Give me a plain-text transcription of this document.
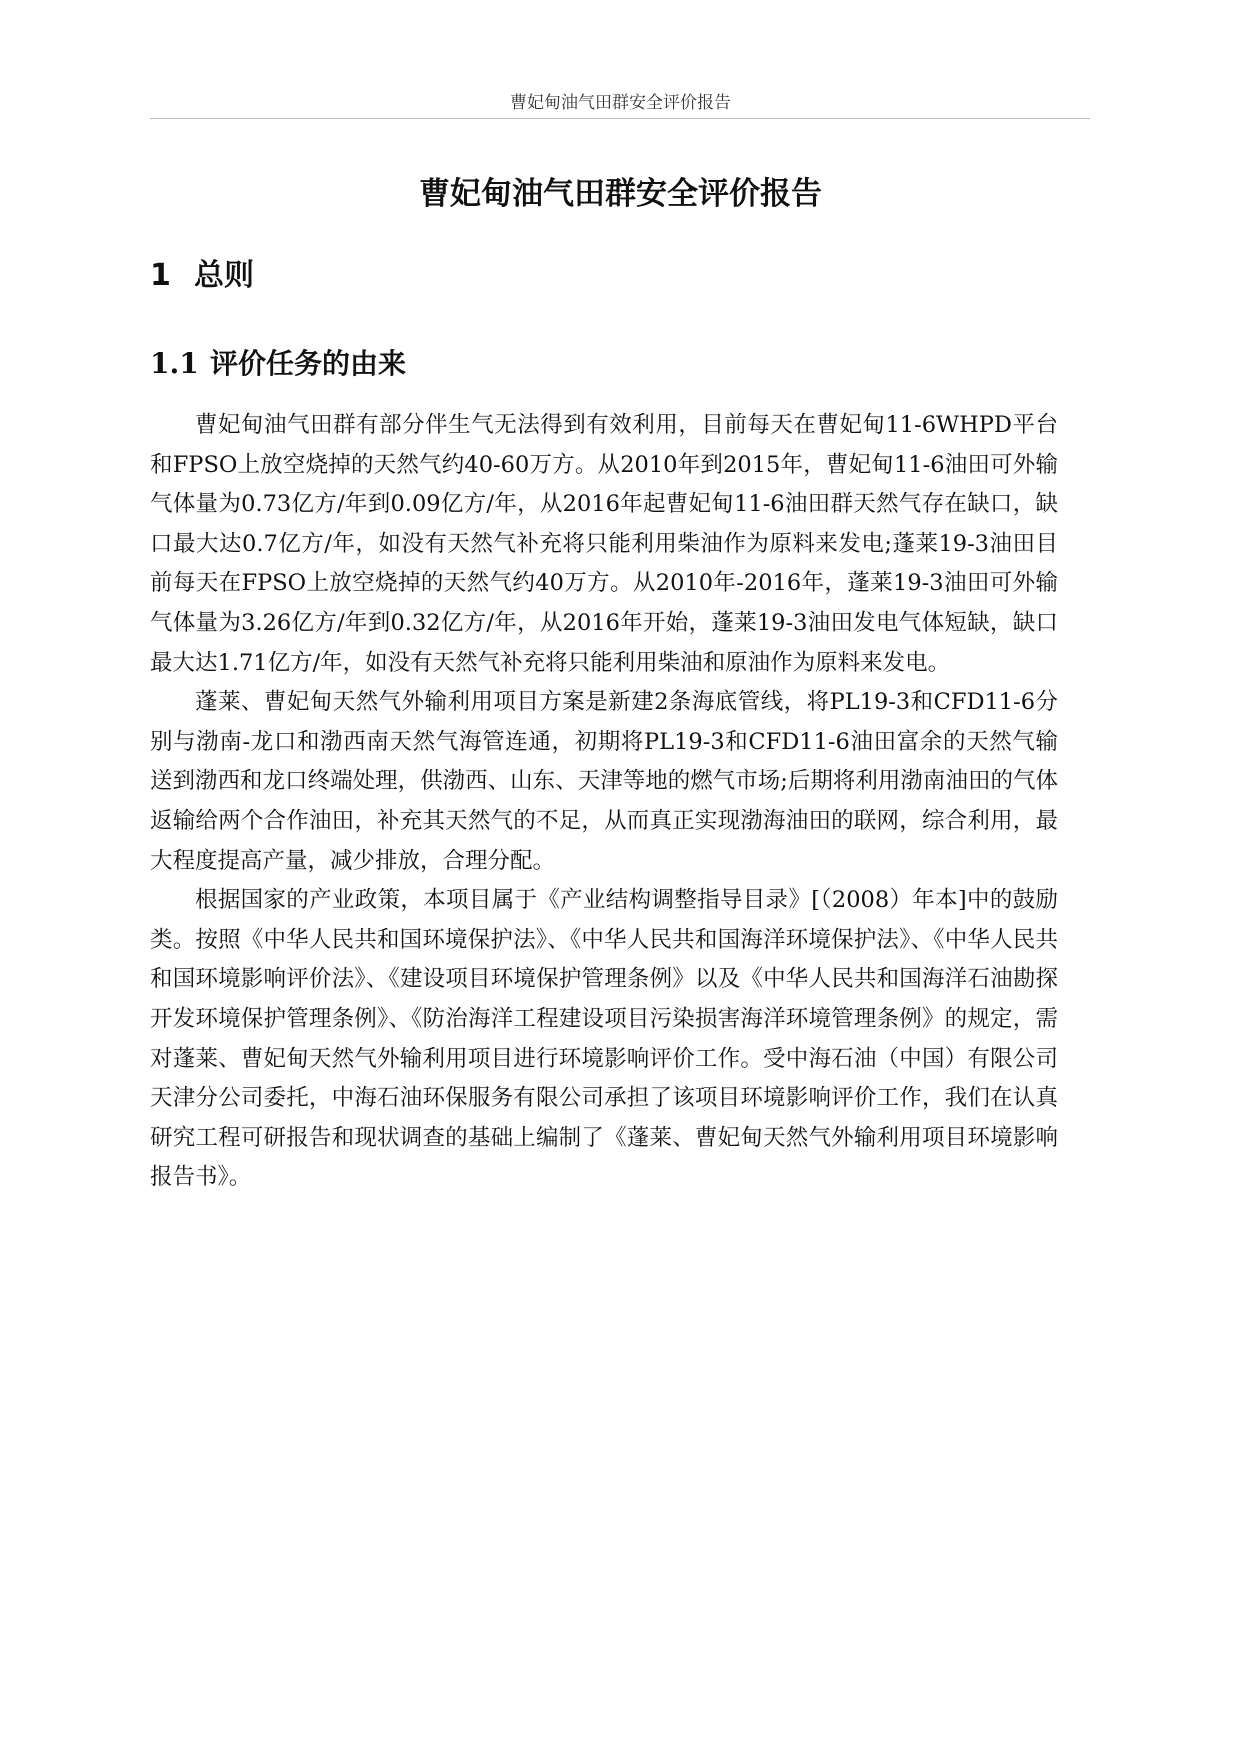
曹妃甸油气田群安全评价报告
曹妃甸油气田群安全评价报告
1 总则
1.1 评价任务的由来

曹妃甸油气田群有部分伴生气无法得到有效利用，目前每天在曹妃甸11-6WHPD平台和FPSO上放空烧掉的天然气约40-60万方。从2010年到2015年，曹妃甸11-6油田可外输气体量为0.73亿方/年到0.09亿方/年，从2016年起曹妃甸11-6油田群天然气存在缺口，缺口最大达0.7亿方/年，如没有天然气补充将只能利用柴油作为原料来发电;蓬莱19-3油田目前每天在FPSO上放空烧掉的天然气约40万方。从2010年-2016年，蓬莱19-3油田可外输气体量为3.26亿方/年到0.32亿方/年，从2016年开始，蓬莱19-3油田发电气体短缺，缺口最大达1.71亿方/年，如没有天然气补充将只能利用柴油和原油作为原料来发电。

蓬莱、曹妃甸天然气外输利用项目方案是新建2条海底管线，将PL19-3和CFD11-6分别与渤南-龙口和渤西南天然气海管连通，初期将PL19-3和CFD11-6油田富余的天然气输送到渤西和龙口终端处理，供渤西、山东、天津等地的燃气市场;后期将利用渤南油田的气体返输给两个合作油田，补充其天然气的不足，从而真正实现渤海油田的联网，综合利用，最大程度提高产量，减少排放，合理分配。

根据国家的产业政策，本项目属于《产业结构调整指导目录》[（2008）年本]中的鼓励类。按照《中华人民共和国环境保护法》、《中华人民共和国海洋环境保护法》、《中华人民共和国环境影响评价法》、《建设项目环境保护管理条例》以及《中华人民共和国海洋石油勘探开发环境保护管理条例》、《防治海洋工程建设项目污染损害海洋环境管理条例》的规定，需对蓬莱、曹妃甸天然气外输利用项目进行环境影响评价工作。受中海石油（中国）有限公司天津分公司委托，中海石油环保服务有限公司承担了该项目环境影响评价工作，我们在认真研究工程可研报告和现状调查的基础上编制了《蓬莱、曹妃甸天然气外输利用项目环境影响报告书》。
